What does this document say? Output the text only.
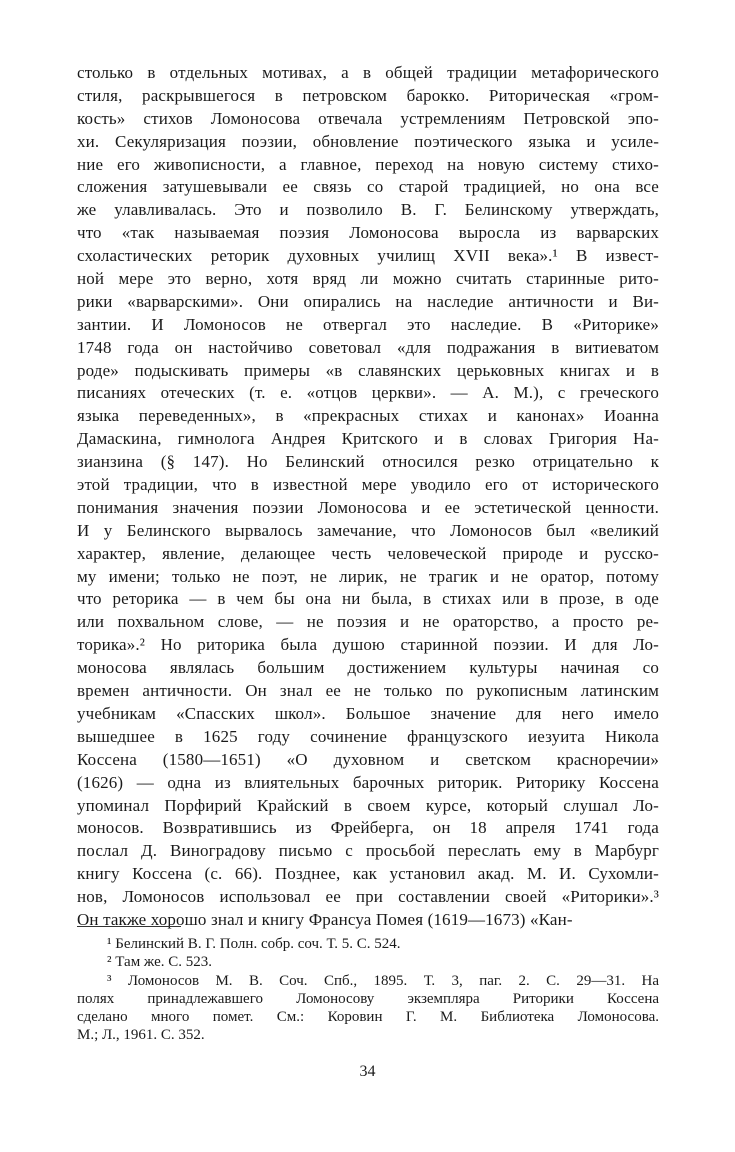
столько в отдельных мотивах, а в общей традиции метафорического
стиля, раскрывшегося в петровском барокко. Риторическая «гром-
кость» стихов Ломоносова отвечала устремлениям Петровской эпо-
хи. Секуляризация поэзии, обновление поэтического языка и усиле-
ние его живописности, а главное, переход на новую систему стихо-
сложения затушевывали ее связь со старой традицией, но она все
же улавливалась. Это и позволило В. Г. Белинскому утверждать,
что «так называемая поэзия Ломоносова выросла из варварских
схоластических реторик духовных училищ XVII века».¹ В извест-
ной мере это верно, хотя вряд ли можно считать старинные рито-
рики «варварскими». Они опирались на наследие античности и Ви-
зантии. И Ломоносов не отвергал это наследие. В «Риторике»
1748 года он настойчиво советовал «для подражания в витиеватом
роде» подыскивать примеры «в славянских церьковных книгах и в
писаниях отеческих (т. е. «отцов церкви». — А. М.), с греческого
языка переведенных», в «прекрасных стихах и канонах» Иоанна
Дамаскина, гимнолога Андрея Критского и в словах Григория На-
зианзина (§ 147). Но Белинский относился резко отрицательно к
этой традиции, что в известной мере уводило его от исторического
понимания значения поэзии Ломоносова и ее эстетической ценности.
И у Белинского вырвалось замечание, что Ломоносов был «великий
характер, явление, делающее честь человеческой природе и русско-
му имени; только не поэт, не лирик, не трагик и не оратор, потому
что реторика — в чем бы она ни была, в стихах или в прозе, в оде
или похвальном слове, — не поэзия и не ораторство, а просто ре-
торика».² Но риторика была душою старинной поэзии. И для Ло-
моносова являлась большим достижением культуры начиная со
времен античности. Он знал ее не только по рукописным латинским
учебникам «Спасских школ». Большое значение для него имело
вышедшее в 1625 году сочинение французского иезуита Никола
Коссена (1580—1651) «О духовном и светском красноречии»
(1626) — одна из влиятельных барочных риторик. Риторику Коссена
упоминал Порфирий Крайский в своем курсе, который слушал Ло-
моносов. Возвратившись из Фрейберга, он 18 апреля 1741 года
послал Д. Виноградову письмо с просьбой переслать ему в Марбург
книгу Коссена (с. 66). Позднее, как установил акад. М. И. Сухомли-
нов, Ломоносов использовал ее при составлении своей «Риторики».³
Он также хорошо знал и книгу Франсуа Помея (1619—1673) «Кан-
¹ Белинский В. Г. Полн. собр. соч. Т. 5. С. 524.
² Там же. С. 523.
³ Ломоносов М. В. Соч. Спб., 1895. Т. 3, паг. 2. С. 29—31. На
полях принадлежавшего Ломоносову экземпляра Риторики Коссена
сделано много помет. См.: Коровин Г. М. Библиотека Ломоносова.
М.; Л., 1961. С. 352.
34
